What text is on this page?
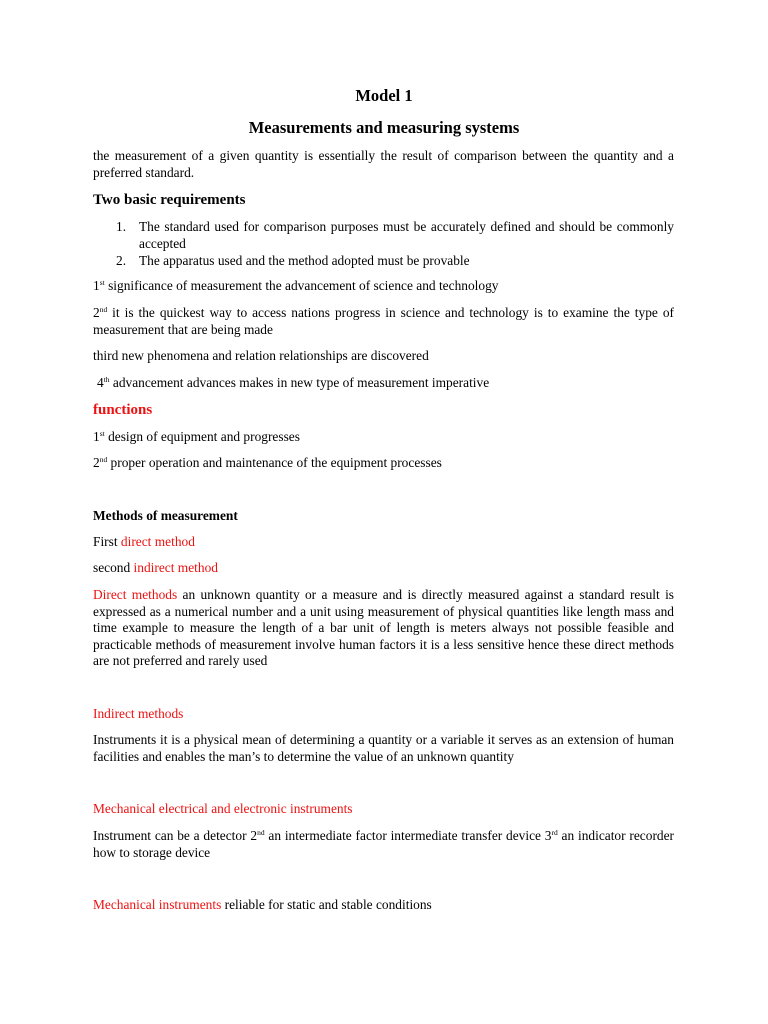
Model 1
Measurements and measuring systems

the measurement of a given quantity is essentially the result of comparison between the quantity and a preferred standard.

Two basic requirements
1. The standard used for comparison purposes must be accurately defined and should be commonly accepted
2. The apparatus used and the method adopted must be provable

1st significance of measurement the advancement of science and technology

2nd it is the quickest way to access nations progress in science and technology is to examine the type of measurement that are being made

third new phenomena and relation relationships are discovered

4th advancement advances makes in new type of measurement imperative

functions

1st design of equipment and progresses

2nd proper operation and maintenance of the equipment processes

Methods of measurement

First direct method

second indirect method

Direct methods an unknown quantity or a measure and is directly measured against a standard result is expressed as a numerical number and a unit using measurement of physical quantities like length mass and time example to measure the length of a bar unit of length is meters always not possible feasible and practicable methods of measurement involve human factors it is a less sensitive hence these direct methods are not preferred and rarely used

Indirect methods

Instruments it is a physical mean of determining a quantity or a variable it serves as an extension of human facilities and enables the man’s to determine the value of an unknown quantity

Mechanical electrical and electronic instruments

Instrument can be a detector 2nd an intermediate factor intermediate transfer device 3rd an indicator recorder how to storage device

Mechanical instruments reliable for static and stable conditions
